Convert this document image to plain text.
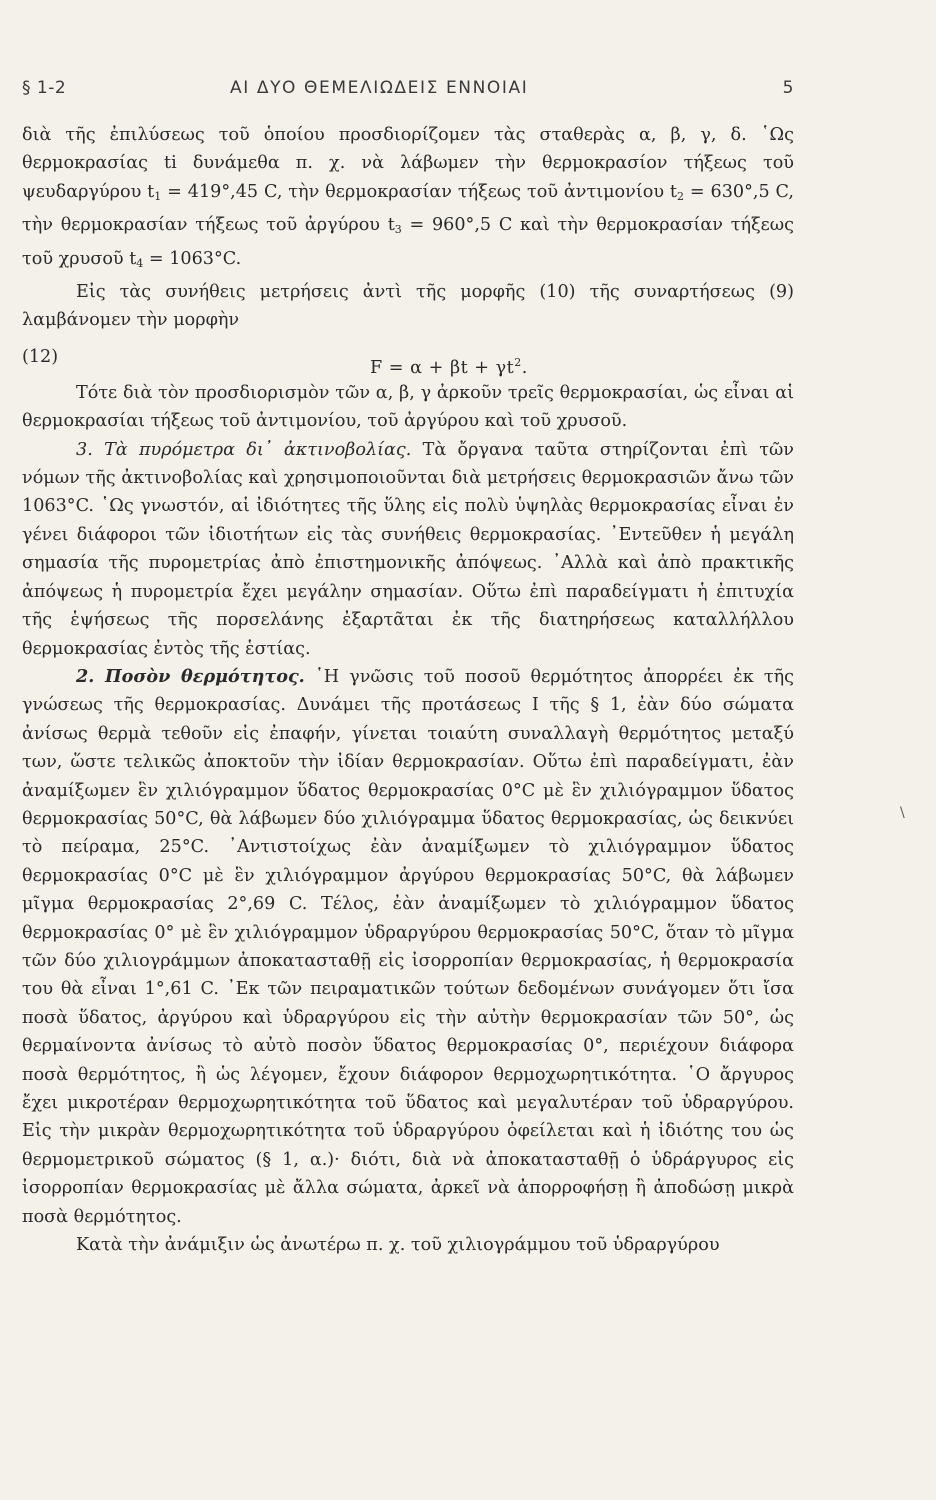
§ 1-2	ΑΙ ΔΥΟ ΘΕΜΕΛΙΩΔΕΙΣ ΕΝΝΟΙΑΙ	5

διὰ τῆς ἐπιλύσεως τοῦ ὁποίου προσδιορίζομεν τὰς σταθερὰς α, β, γ, δ. ῾Ως θερμοκρασίας ti δυνάμεθα π. χ. νὰ λάβωμεν τὴν θερμοκρασίον τήξεως τοῦ ψευδαργύρου $t_1 = 419^\circ,45$ C, τὴν θερμοκρασίαν τήξεως τοῦ ἀντιμονίου $t_2 = 630^\circ,5$ C, τὴν θερμοκρασίαν τήξεως τοῦ ἀργύρου $t_3 = 960^\circ,5$ C καὶ τὴν θερμοκρασίαν τήξεως τοῦ χρυσοῦ $t_4 = 1063^\circ C$.

Εἰς τὰς συνήθεις μετρήσεις ἀντὶ τῆς μορφῆς (10) τῆς συναρτήσεως (9) λαμβάνομεν τὴν μορφὴν

(12)
$F = \alpha + \beta t + \gamma t^2$.

Τότε διὰ τὸν προσδιορισμὸν τῶν α, β, γ ἀρκοῦν τρεῖς θερμοκρασίαι, ὡς εἶναι αἱ θερμοκρασίαι τήξεως τοῦ ἀντιμονίου, τοῦ ἀργύρου καὶ τοῦ χρυσοῦ.

3. Τὰ πυρόμετρα δι᾿ ἀκτινοβολίας. Τὰ ὄργανα ταῦτα στηρίζονται ἐπὶ τῶν νόμων τῆς ἀκτινοβολίας καὶ χρησιμοποιοῦνται διὰ μετρήσεις θερμοκρασιῶν ἄνω τῶν 1063°C. ῾Ως γνωστόν, αἱ ἰδιότητες τῆς ὕλης εἰς πολὺ ὑψηλὰς θερμοκρασίας εἶναι ἐν γένει διάφοροι τῶν ἰδιοτήτων εἰς τὰς συνήθεις θερμοκρασίας. ᾿Εντεῦθεν ἡ μεγάλη σημασία τῆς πυρομετρίας ἀπὸ ἐπιστημονικῆς ἀπόψεως. ᾿Αλλὰ καὶ ἀπὸ πρακτικῆς ἀπόψεως ἡ πυρομετρία ἔχει μεγάλην σημασίαν. Οὕτω ἐπὶ παραδείγματι ἡ ἐπιτυχία τῆς ἑψήσεως τῆς πορσελάνης ἐξαρτᾶται ἐκ τῆς διατηρήσεως καταλλήλλου θερμοκρασίας ἐντὸς τῆς ἑστίας.

2. Ποσὸν θερμότητος. ῾Η γνῶσις τοῦ ποσοῦ θερμότητος ἀπορρέει ἐκ τῆς γνώσεως τῆς θερμοκρασίας. Δυνάμει τῆς προτάσεως Ι τῆς § 1, ἐὰν δύο σώματα ἀνίσως θερμὰ τεθοῦν εἰς ἐπαφήν, γίνεται τοιαύτη συναλλαγὴ θερμότητος μεταξύ των, ὥστε τελικῶς ἀποκτοῦν τὴν ἰδίαν θερμοκρασίαν. Οὕτω ἐπὶ παραδείγματι, ἐὰν ἀναμίξωμεν ἓν χιλιόγραμμον ὕδατος θερμοκρασίας 0°C μὲ ἓν χιλιόγραμμον ὕδατος θερμοκρασίας 50°C, θὰ λάβωμεν δύο χιλιόγραμμα ὕδατος θερμοκρασίας, ὡς δεικνύει τὸ πείραμα, 25°C. ᾿Αντιστοίχως ἐὰν ἀναμίξωμεν τὸ χιλιόγραμμον ὕδατος θερμοκρασίας 0°C μὲ ἓν χιλιόγραμμον ἀργύρου θερμοκρασίας 50°C, θὰ λάβωμεν μῖγμα θερμοκρασίας 2°,69 C. Τέλος, ἐὰν ἀναμίξωμεν τὸ χιλιόγραμμον ὕδατος θερμοκρασίας 0° μὲ ἓν χιλιόγραμμον ὑδραργύρου θερμοκρασίας 50°C, ὅταν τὸ μῖγμα τῶν δύο χιλιογράμμων ἀποκατασταθῇ εἰς ἰσορροπίαν θερμοκρασίας, ἡ θερμοκρασία του θὰ εἶναι 1°,61 C. ᾿Εκ τῶν πειραματικῶν τούτων δεδομένων συνάγομεν ὅτι ἴσα ποσὰ ὕδατος, ἀργύρου καὶ ὑδραργύρου εἰς τὴν αὐτὴν θερμοκρασίαν τῶν 50°, ὡς θερμαίνοντα ἀνίσως τὸ αὐτὸ ποσὸν ὕδατος θερμοκρασίας 0°, περιέχουν διάφορα ποσὰ θερμότητος, ἢ ὡς λέγομεν, ἔχουν διάφορον θερμοχωρητικότητα. ῾Ο ἄργυρος ἔχει μικροτέραν θερμοχωρητικότητα τοῦ ὕδατος καὶ μεγαλυτέραν τοῦ ὑδραργύρου. Εἰς τὴν μικρὰν θερμοχωρητικότητα τοῦ ὑδραργύρου ὀφείλεται καὶ ἡ ἰδιότης του ὡς θερμομετρικοῦ σώματος (§ 1, α.)· διότι, διὰ νὰ ἀποκατασταθῇ ὁ ὑδράργυρος εἰς ἰσορροπίαν θερμοκρασίας μὲ ἄλλα σώματα, ἀρκεῖ νὰ ἀπορροφήσῃ ἢ ἀποδώσῃ μικρὰ ποσὰ θερμότητος.

Κατὰ τὴν ἀνάμιξιν ὡς ἀνωτέρω π. χ. τοῦ χιλιογράμμου τοῦ ὑδραργύρου

\
